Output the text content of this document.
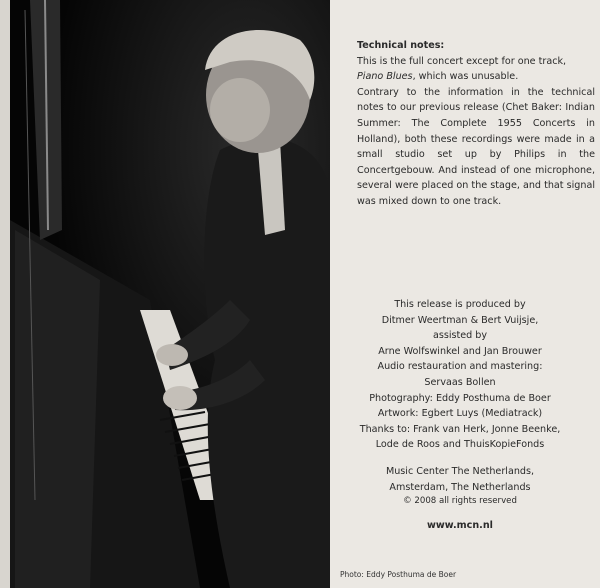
Technical notes:

This is the full concert except for one track,
Piano Blues, which was unusable.

Contrary to the information in the technical notes to our previous release (Chet Baker: Indian Summer: The Complete 1955 Concerts in Holland), both these recordings were made in a small studio set up by Philips in the Concertgebouw. And instead of one microphone, several were placed on the stage, and that signal was mixed down to one track.

This release is produced by
Ditmer Weertman & Bert Vuijsje,
assisted by
Arne Wolfswinkel and Jan Brouwer
Audio restauration and mastering:
Servaas Bollen
Photography: Eddy Posthuma de Boer
Artwork: Egbert Luys (Mediatrack)
Thanks to: Frank van Herk, Jonne Beenke,
Lode de Roos and ThuisKopieFonds
Music Center The Netherlands,
Amsterdam, The Netherlands
© 2008 all rights reserved
www.mcn.nl
Photo: Eddy Posthuma de Boer
